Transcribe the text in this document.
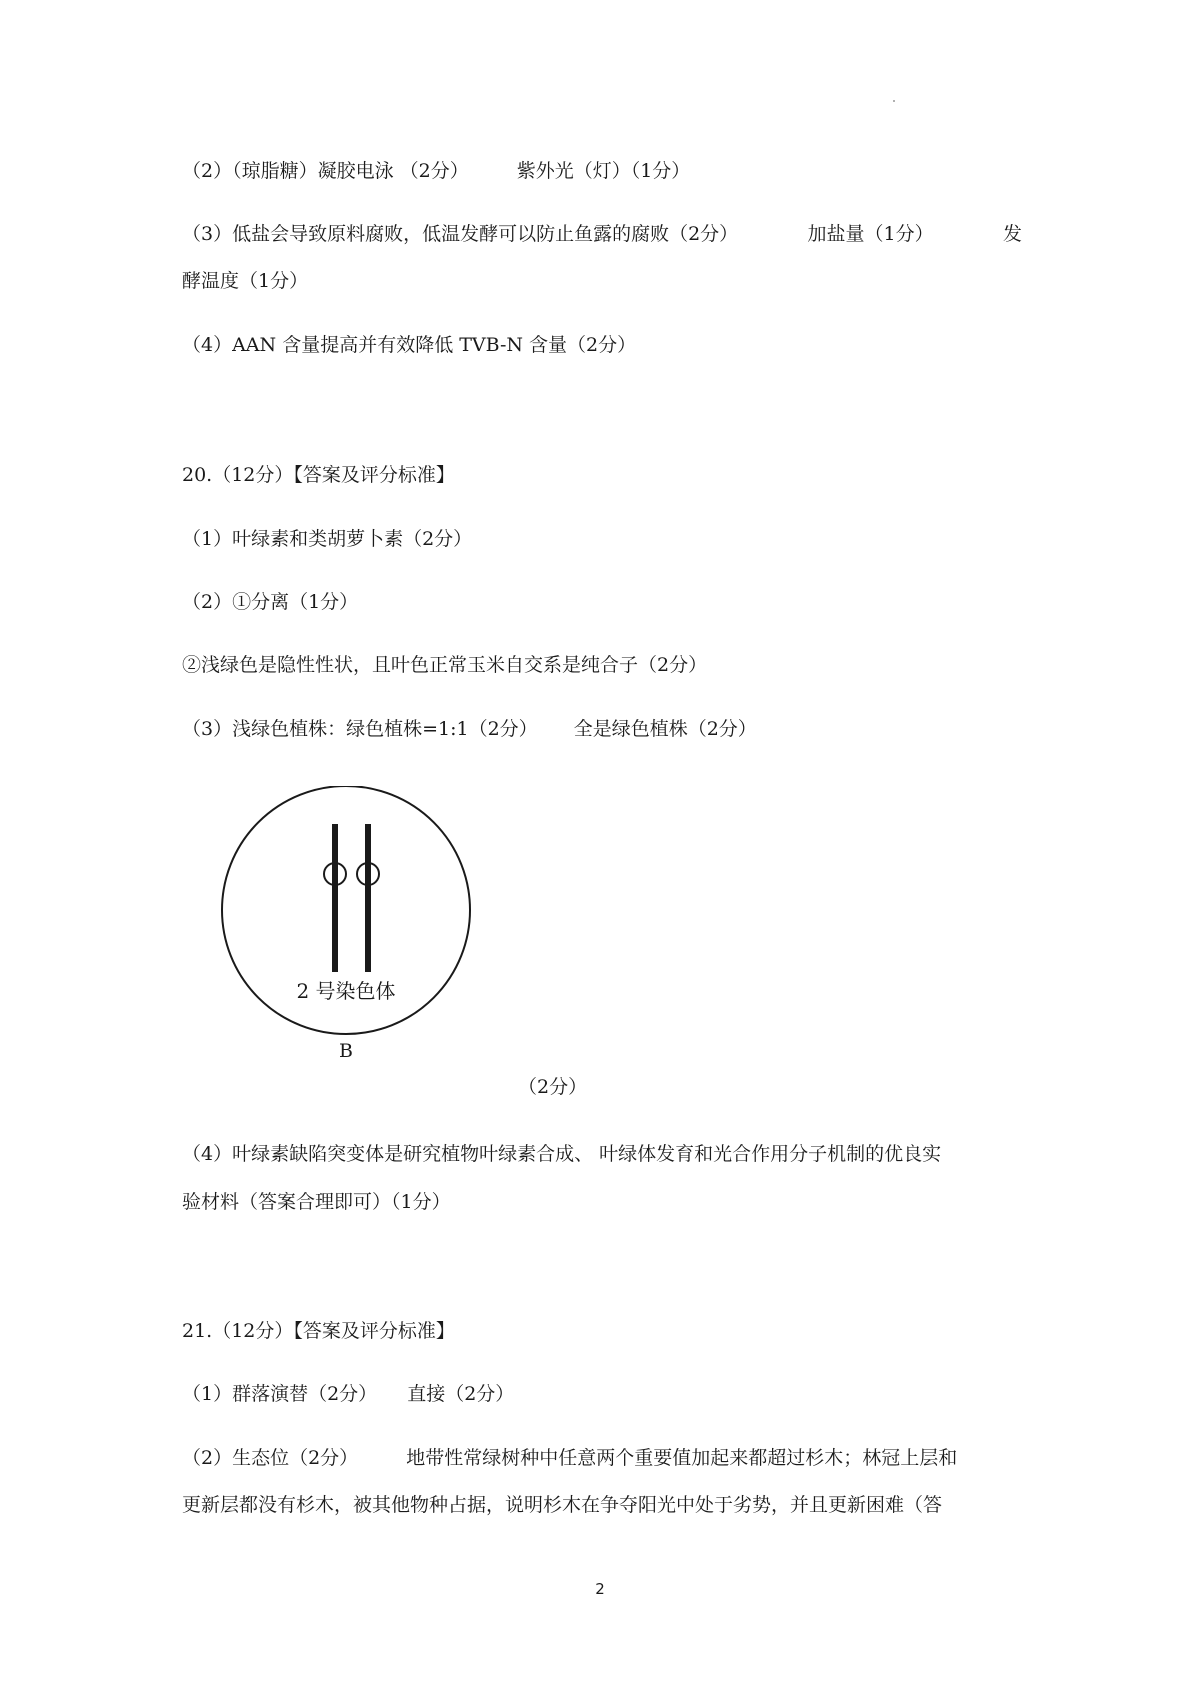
（2）（琼脂糖）凝胶电泳 （2分）	紫外光（灯）（1分）
（3）低盐会导致原料腐败，低温发酵可以防止鱼露的腐败（2分）	加盐量（1分）	发
酵温度（1分）
（4）AAN 含量提高并有效降低 TVB-N 含量（2分）
20.（12分）【答案及评分标准】
（1）叶绿素和类胡萝卜素（2分）
（2）①分离（1分）
②浅绿色是隐性性状，且叶色正常玉米自交系是纯合子（2分）
（3）浅绿色植株：绿色植株=1:1（2分） 全是绿色植株（2分）
2 号染色体
B
（2分）
（4）叶绿素缺陷突变体是研究植物叶绿素合成、 叶绿体发育和光合作用分子机制的优良实
验材料（答案合理即可）（1分）
21.（12分）【答案及评分标准】
（1）群落演替（2分） 直接（2分）
（2）生态位（2分）	地带性常绿树种中任意两个重要值加起来都超过杉木；林冠上层和
更新层都没有杉木，被其他物种占据，说明杉木在争夺阳光中处于劣势，并且更新困难（答
2
